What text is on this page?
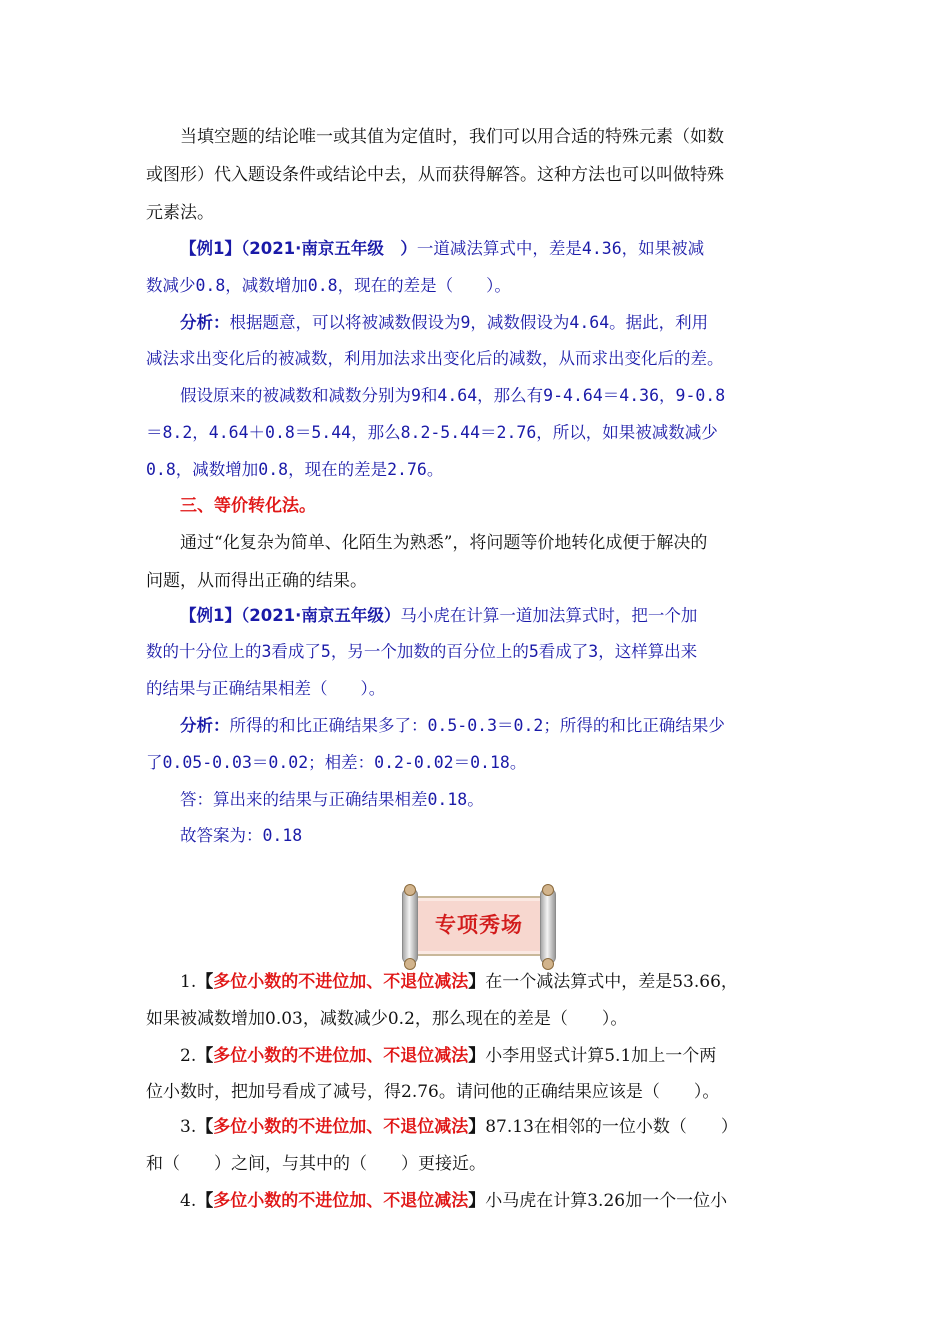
当填空题的结论唯一或其值为定值时，我们可以用合适的特殊元素（如数
或图形）代入题设条件或结论中去，从而获得解答。这种方法也可以叫做特殊
元素法。
【例1】（2021·南京五年级　）一道减法算式中，差是4.36，如果被减
数减少0.8，减数增加0.8，现在的差是（　　）。
分析：根据题意，可以将被减数假设为9，减数假设为4.64。据此，利用
减法求出变化后的被减数，利用加法求出变化后的减数，从而求出变化后的差。
假设原来的被减数和减数分别为9和4.64，那么有9-4.64＝4.36，9-0.8
＝8.2，4.64＋0.8＝5.44，那么8.2-5.44＝2.76，所以，如果被减数减少
0.8，减数增加0.8，现在的差是2.76。
三、等价转化法。
通过“化复杂为简单、化陌生为熟悉”，将问题等价地转化成便于解决的
问题，从而得出正确的结果。
【例1】（2021·南京五年级）马小虎在计算一道加法算式时，把一个加
数的十分位上的3看成了5，另一个加数的百分位上的5看成了3，这样算出来
的结果与正确结果相差（　　）。
分析：所得的和比正确结果多了：0.5-0.3＝0.2；所得的和比正确结果少
了0.05-0.03＝0.02；相差：0.2-0.02＝0.18。
答：算出来的结果与正确结果相差0.18。
故答案为：0.18
专项秀场
1.【多位小数的不进位加、不退位减法】在一个减法算式中，差是53.66，
如果被减数增加0.03，减数减少0.2，那么现在的差是（　　）。
2.【多位小数的不进位加、不退位减法】小李用竖式计算5.1加上一个两
位小数时，把加号看成了减号，得2.76。请问他的正确结果应该是（　　）。
3.【多位小数的不进位加、不退位减法】87.13在相邻的一位小数（　　）
和（　　）之间，与其中的（　　）更接近。
4.【多位小数的不进位加、不退位减法】小马虎在计算3.26加一个一位小
